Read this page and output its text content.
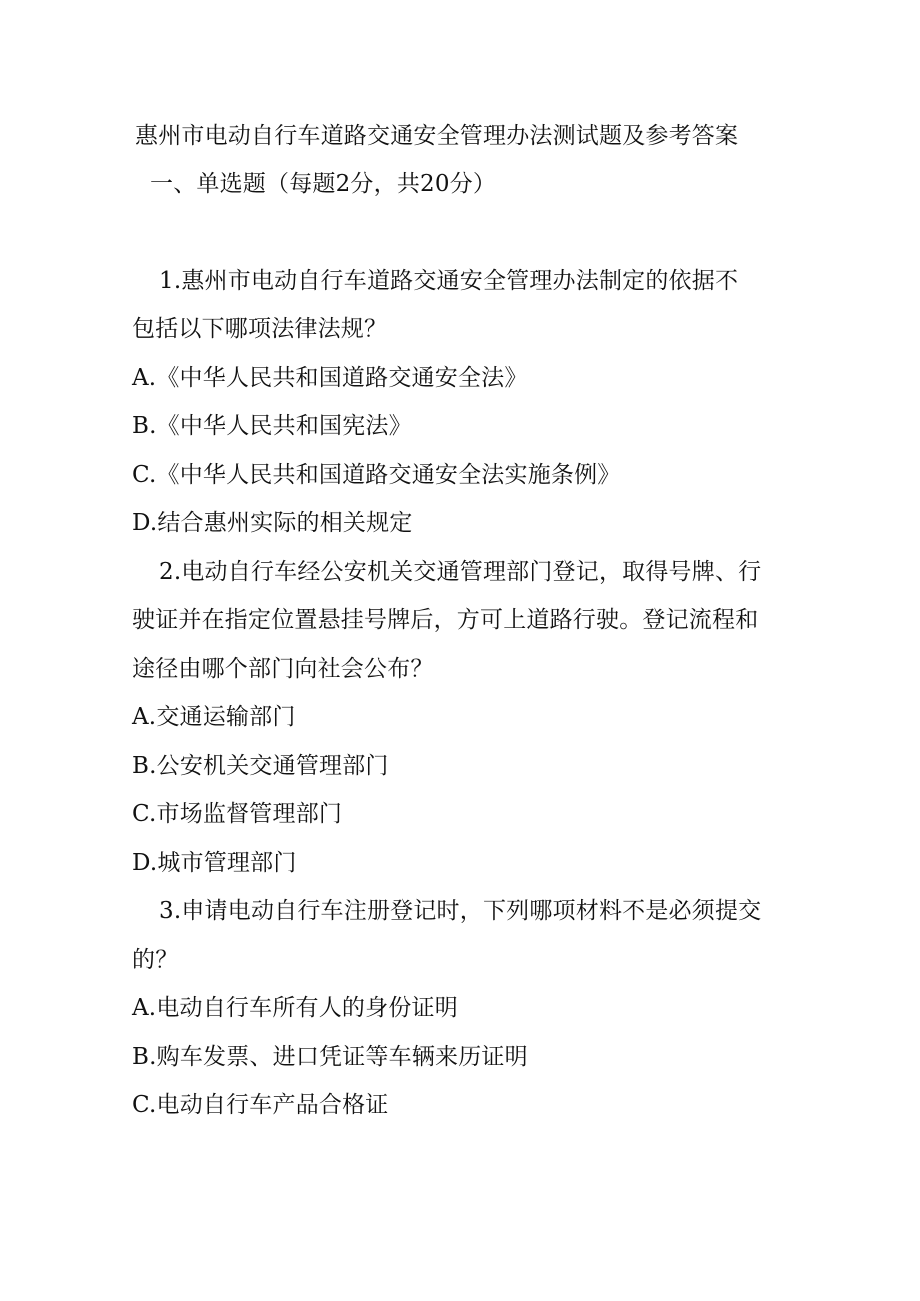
惠州市电动自行车道路交通安全管理办法测试题及参考答案
一、单选题（每题2分，共20分）
1.惠州市电动自行车道路交通安全管理办法制定的依据不
包括以下哪项法律法规？
A.《中华人民共和国道路交通安全法》
B.《中华人民共和国宪法》
C.《中华人民共和国道路交通安全法实施条例》
D.结合惠州实际的相关规定
2.电动自行车经公安机关交通管理部门登记，取得号牌、行
驶证并在指定位置悬挂号牌后，方可上道路行驶。登记流程和
途径由哪个部门向社会公布？
A.交通运输部门
B.公安机关交通管理部门
C.市场监督管理部门
D.城市管理部门
3.申请电动自行车注册登记时，下列哪项材料不是必须提交
的？
A.电动自行车所有人的身份证明
B.购车发票、进口凭证等车辆来历证明
C.电动自行车产品合格证
